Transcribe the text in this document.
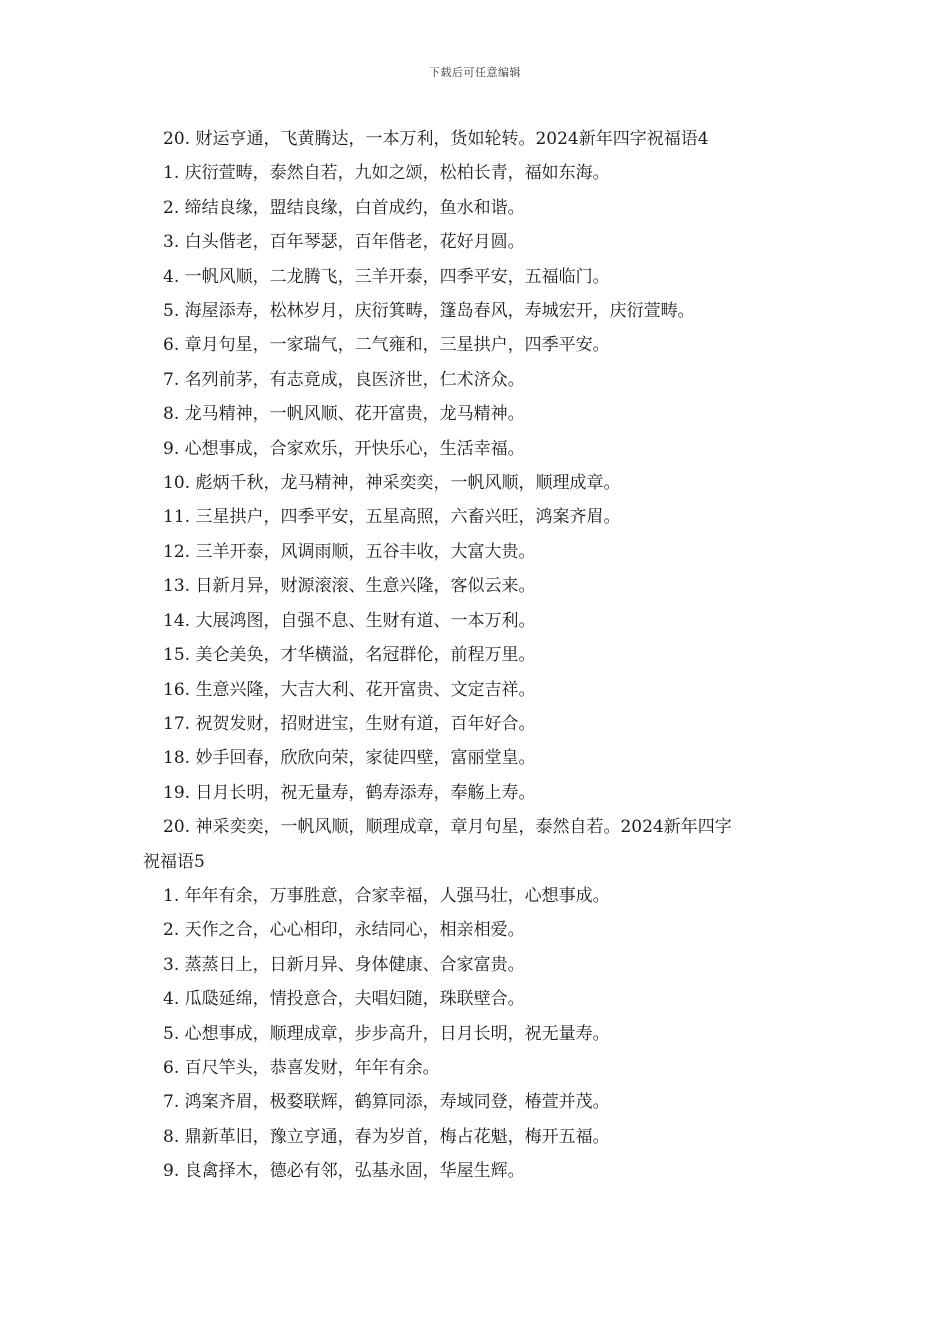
下载后可任意编辑
20. 财运亨通，飞黄腾达，一本万利，货如轮转。2024新年四字祝福语4
1. 庆衍萱畴，泰然自若，九如之颂，松柏长青，福如东海。
2. 缔结良缘，盟结良缘，白首成约，鱼水和谐。
3. 白头偕老，百年琴瑟，百年偕老，花好月圆。
4. 一帆风顺，二龙腾飞，三羊开泰，四季平安，五福临门。
5. 海屋添寿，松林岁月，庆衍箕畴，篷岛春风，寿城宏开，庆衍萱畴。
6. 章月句星，一家瑞气，二气雍和，三星拱户，四季平安。
7. 名列前茅，有志竟成，良医济世，仁术济众。
8. 龙马精神，一帆风顺、花开富贵，龙马精神。
9. 心想事成，合家欢乐，开快乐心，生活幸福。
10. 彪炳千秋，龙马精神，神采奕奕，一帆风顺，顺理成章。
11. 三星拱户，四季平安，五星高照，六畜兴旺，鸿案齐眉。
12. 三羊开泰，风调雨顺，五谷丰收，大富大贵。
13. 日新月异，财源滚滚、生意兴隆，客似云来。
14. 大展鸿图，自强不息、生财有道、一本万利。
15. 美仑美奂，才华横溢，名冠群伦，前程万里。
16. 生意兴隆，大吉大利、花开富贵、文定吉祥。
17. 祝贺发财，招财进宝，生财有道，百年好合。
18. 妙手回春，欣欣向荣，家徒四壁，富丽堂皇。
19. 日月长明，祝无量寿，鹤寿添寿，奉觞上寿。
20. 神采奕奕，一帆风顺，顺理成章，章月句星，泰然自若。2024新年四字
祝福语5
1. 年年有余，万事胜意，合家幸福，人强马壮，心想事成。
2. 天作之合，心心相印，永结同心，相亲相爱。
3. 蒸蒸日上，日新月异、身体健康、合家富贵。
4. 瓜瓞延绵，情投意合，夫唱妇随，珠联壁合。
5. 心想事成，顺理成章，步步高升，日月长明，祝无量寿。
6. 百尺竿头，恭喜发财，年年有余。
7. 鸿案齐眉，极婺联辉，鹤算同添，寿域同登，椿萱并茂。
8. 鼎新革旧，豫立亨通，春为岁首，梅占花魁，梅开五福。
9. 良禽择木，德必有邻，弘基永固，华屋生辉。
